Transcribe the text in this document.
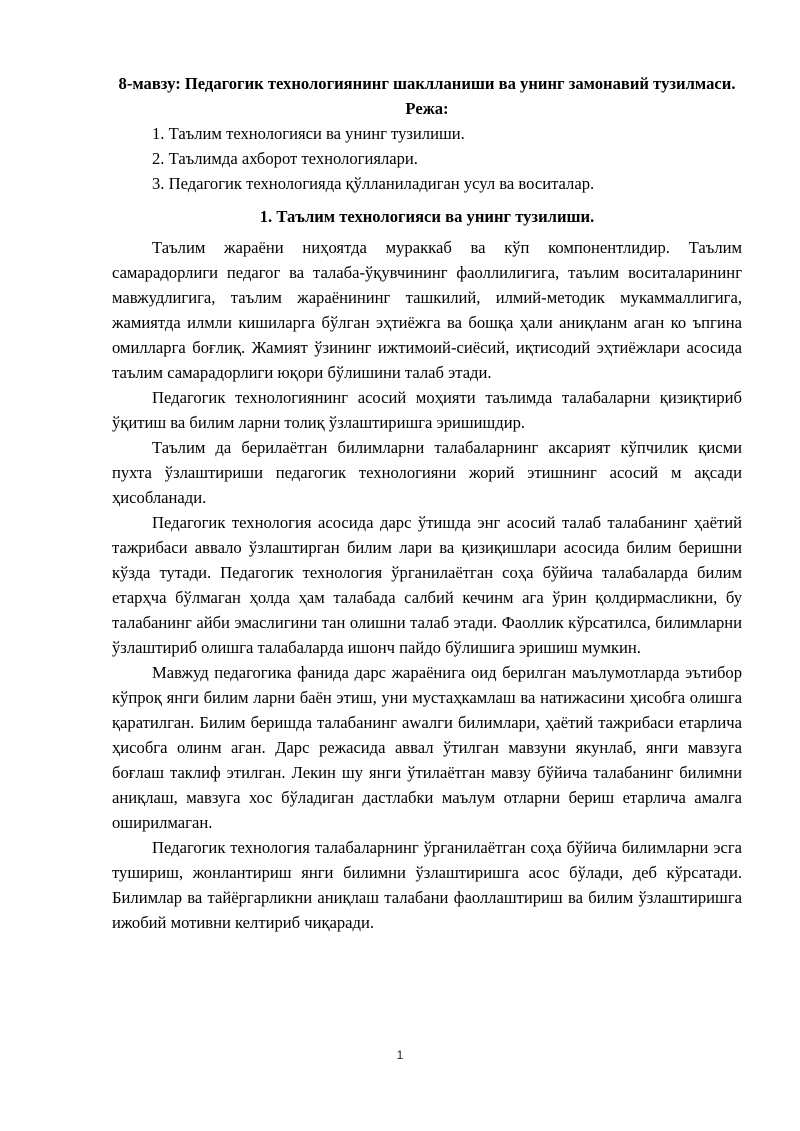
8-мавзу: Педагогик технологиянинг шаклланиши ва унинг замонавий тузилмаси.

Режа:

1. Таълим технологияси ва унинг тузилиши.
2. Таълимда ахборот технологиялари.
3. Педагогик технологияда қўлланиладиган усул ва воситалар.

1. Таълим технологияси ва унинг тузилиши.

Таълим жараёни ниҳоятда мураккаб ва кўп компонентлидир. Таълим самарадорлиги педагог ва талаба-ўқувчининг фаоллилигига, таълим воситаларининг мавжудлигига, таълим жараёнининг ташкилий, илмий-методик мукаммаллигига, жамиятда илмли кишиларга бўлган эҳтиёжга ва бошқа ҳали аниқланм аган ко ъпгина омилларга боғлиқ. Жамият ўзининг ижтимоий-сиёсий, иқтисодий эҳтиёжлари асосида таълим самарадорлиги юқори бўлишини талаб этади.

Педагогик технологиянинг асосий моҳияти таълимда талабаларни қизиқтириб ўқитиш ва билим ларни толиқ ўзлаштиришга эришишдир.

Таълим да берилаётган билимларни талабаларнинг аксарият кўпчилик қисми пухта ўзлаштириши педагогик технологияни жорий этишнинг асосий м ақсади ҳисобланади.

Педагогик технология асосида дарс ўтишда энг асосий талаб талабанинг ҳаётий тажрибаси аввало ўзлаштирган билим лари ва қизиқишлари асосида билим беришни кўзда тутади. Педагогик технология ўрганилаётган соҳа бўйича талабаларда билим етарҳча бўлмаган ҳолда ҳам талабада салбий кечинм ага ўрин қолдирмасликни, бу талабанинг айби эмаслигини тан олишни талаб этади. Фаоллик кўрсатилса, билимларни ўзлаштириб олишга талабаларда ишонч пайдо бўлишига эришиш мумкин.

Мавжуд педагогика фанида дарс жараёнига оид берилган маълумотларда эътибор кўпроқ янги билим ларни баён этиш, уни мустаҳкамлаш ва натижасини ҳисобга олишга қаратилган. Билим беришда талабанинг аwалги билимлари, ҳаётий тажрибаси етарлича ҳисобга олинм аган. Дарс режасида аввал ўтилган мавзуни якунлаб, янги мавзуга боғлаш таклиф этилган. Лекин шу янги ўтилаётган мавзу бўйича талабанинг билимни аниқлаш, мавзуга хос бўладиган дастлабки маълум отларни бериш етарлича амалга оширилмаган.

Педагогик технология талабаларнинг ўрганилаётган соҳа бўйича билимларни эсга тушириш, жонлантириш янги билимни ўзлаштиришга асос бўлади, деб кўрсатади. Билимлар ва тайёргарликни аниқлаш талабани фаоллаштириш ва билим ўзлаштиришга ижобий мотивни келтириб чиқаради.

1
